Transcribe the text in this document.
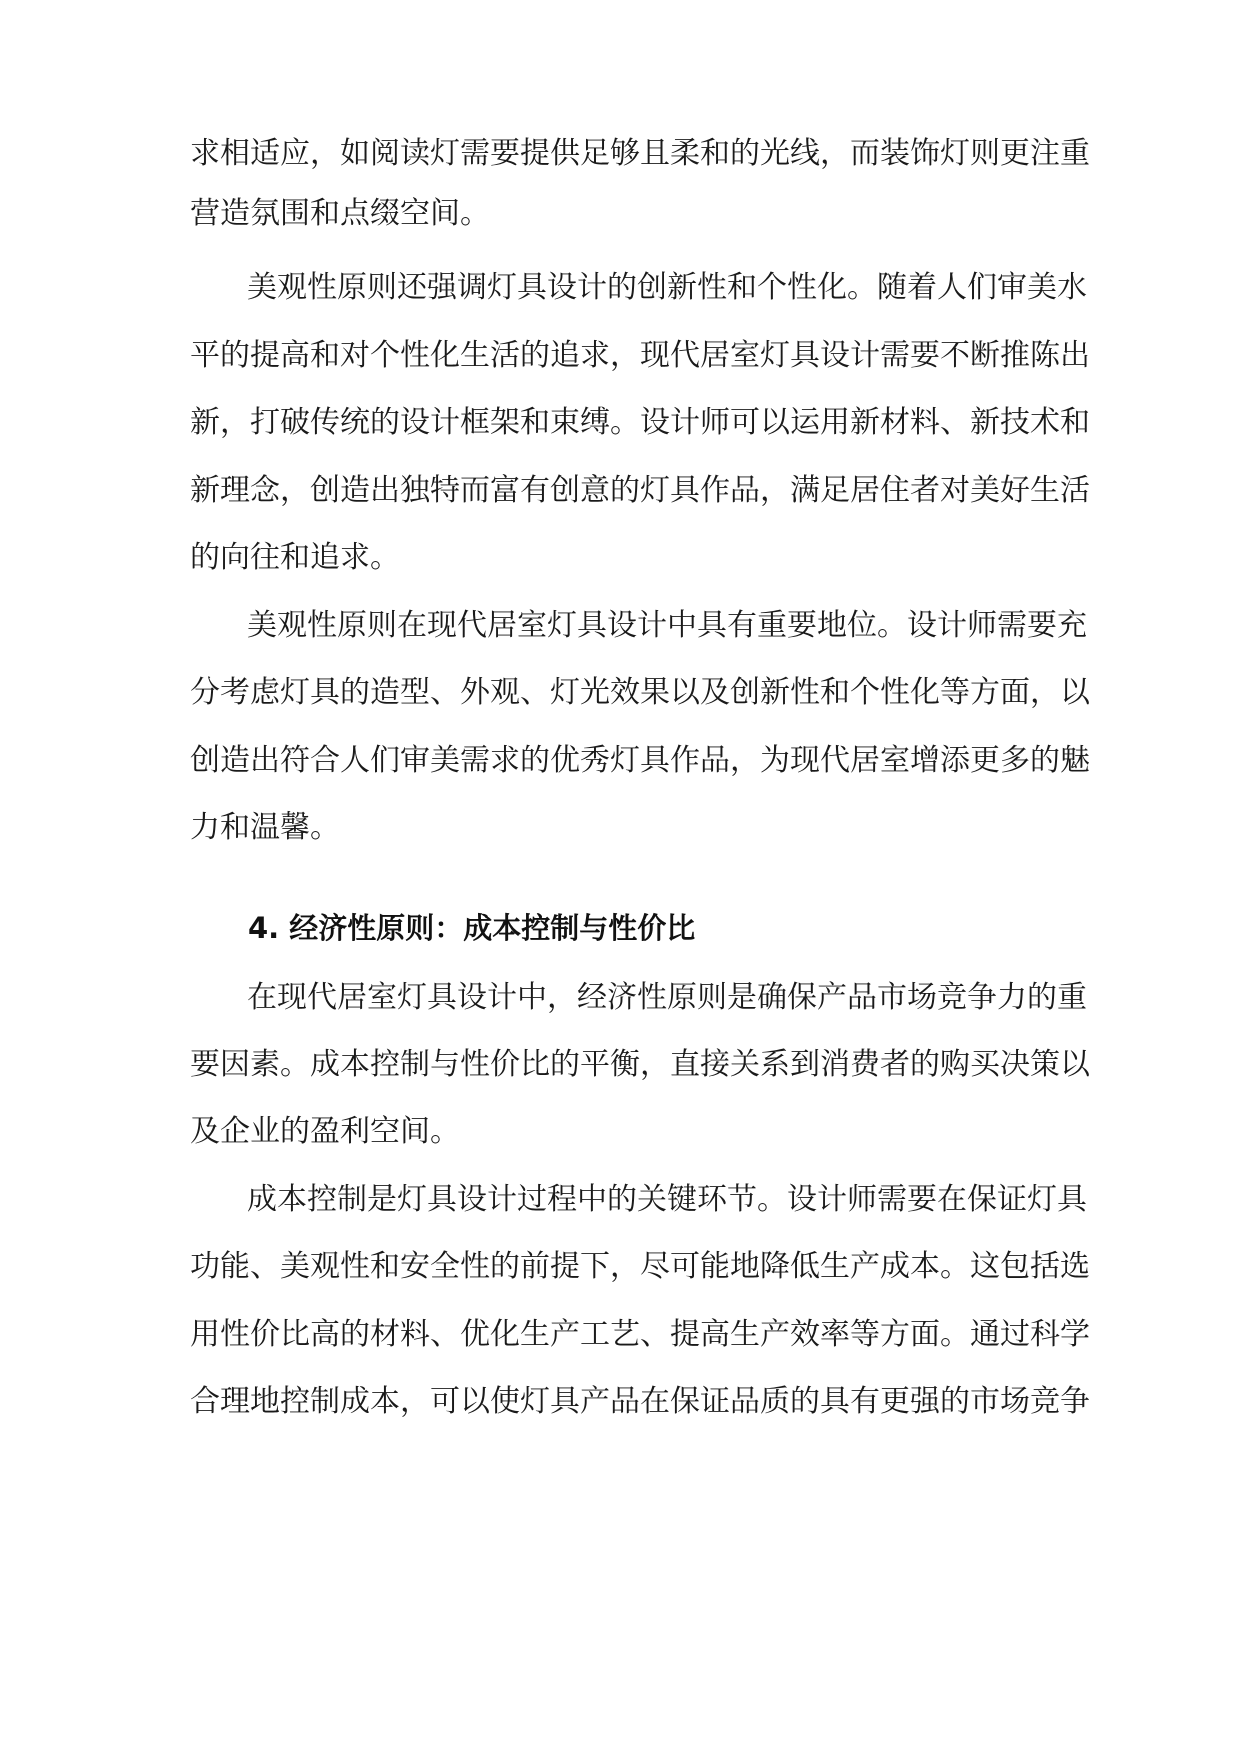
求相适应，如阅读灯需要提供足够且柔和的光线，而装饰灯则更注重
营造氛围和点缀空间。
美观性原则还强调灯具设计的创新性和个性化。随着人们审美水
平的提高和对个性化生活的追求，现代居室灯具设计需要不断推陈出
新，打破传统的设计框架和束缚。设计师可以运用新材料、新技术和
新理念，创造出独特而富有创意的灯具作品，满足居住者对美好生活
的向往和追求。
美观性原则在现代居室灯具设计中具有重要地位。设计师需要充
分考虑灯具的造型、外观、灯光效果以及创新性和个性化等方面，以
创造出符合人们审美需求的优秀灯具作品，为现代居室增添更多的魅
力和温馨。
4. 经济性原则：成本控制与性价比
在现代居室灯具设计中，经济性原则是确保产品市场竞争力的重
要因素。成本控制与性价比的平衡，直接关系到消费者的购买决策以
及企业的盈利空间。
成本控制是灯具设计过程中的关键环节。设计师需要在保证灯具
功能、美观性和安全性的前提下，尽可能地降低生产成本。这包括选
用性价比高的材料、优化生产工艺、提高生产效率等方面。通过科学
合理地控制成本，可以使灯具产品在保证品质的具有更强的市场竞争
